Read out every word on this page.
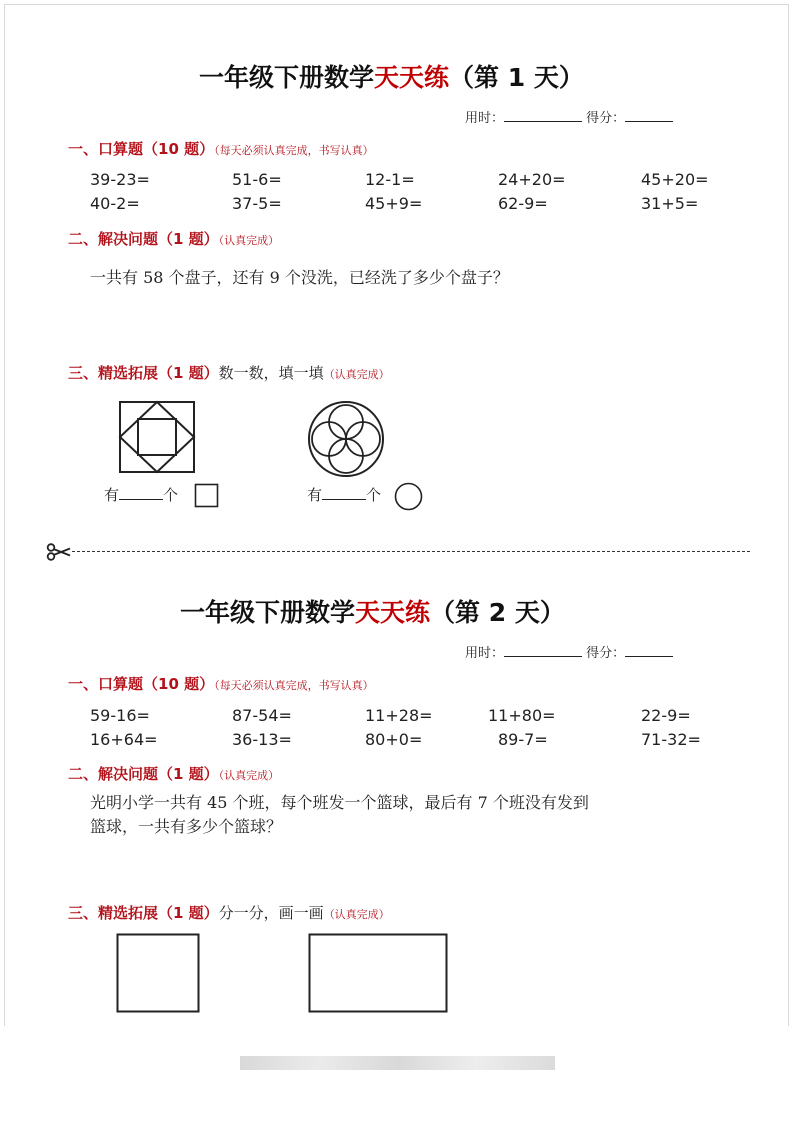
一年级下册数学天天练（第 1 天）
用时：	得分：
一、口算题（10 题）（每天必须认真完成，书写认真）
39-23=	51-6=	12-1=	24+20=	45+20=
40-2=	37-5=	45+9=	62-9=	31+5=
二、解决问题（1 题）（认真完成）
一共有 58 个盘子，还有 9 个没洗，已经洗了多少个盘子？
三、精选拓展（1 题）数一数，填一填（认真完成）
有	个	有	个
一年级下册数学天天练（第 2 天）
用时：	得分：
一、口算题（10 题）（每天必须认真完成，书写认真）
59-16=	87-54=	11+28=	11+80=	22-9=
16+64=	36-13=	80+0=	89-7=	71-32=
二、解决问题（1 题）（认真完成）
光明小学一共有 45 个班，每个班发一个篮球，最后有 7 个班没有发到
篮球，一共有多少个篮球？
三、精选拓展（1 题）分一分，画一画（认真完成）
